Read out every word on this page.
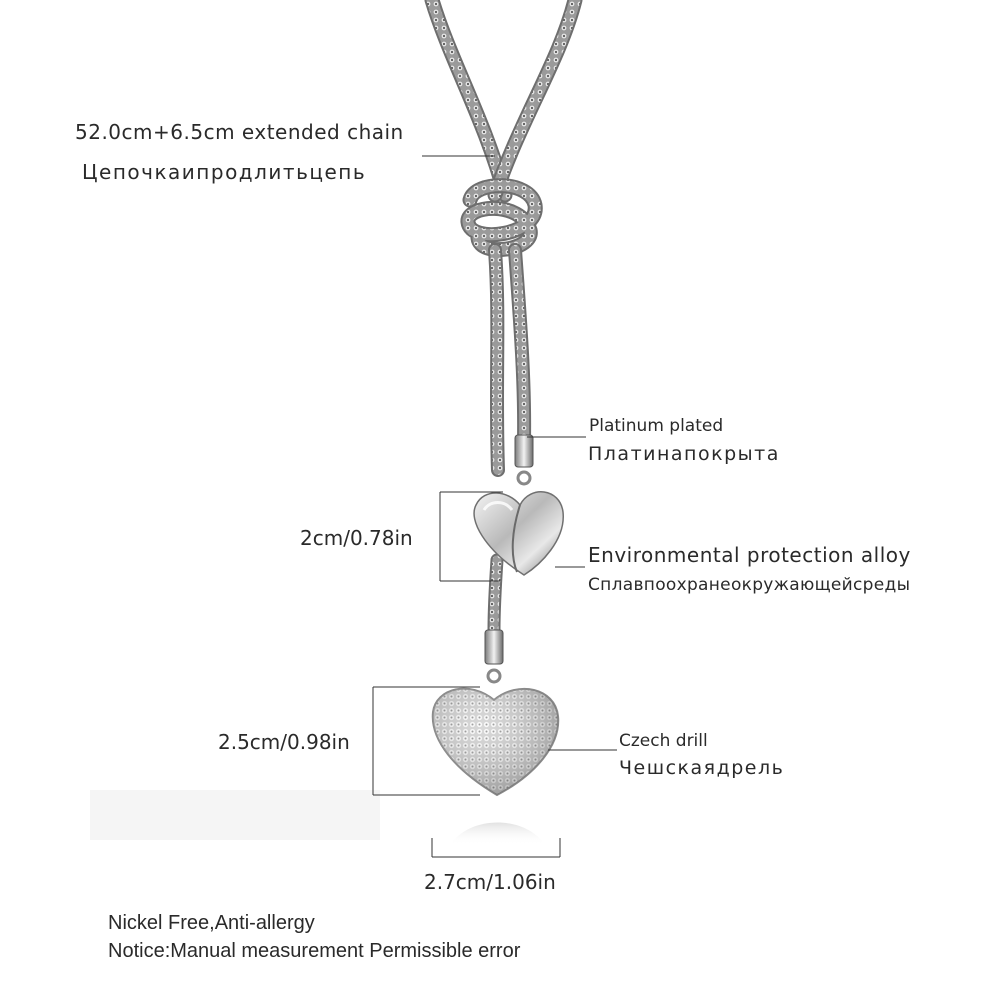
52.0cm+6.5cm extended chain
Цепочкаипродлитьцепь
Platinum plated
Платинапокрыта
2cm/0.78in
Environmental protection alloy
Сплавпоохранеокружающейсреды
2.5cm/0.98in	Czech drill
Чешскаядрель
2.7cm/1.06in
Nickel Free,Anti-allergy
Notice:Manual measurement Permissible error
